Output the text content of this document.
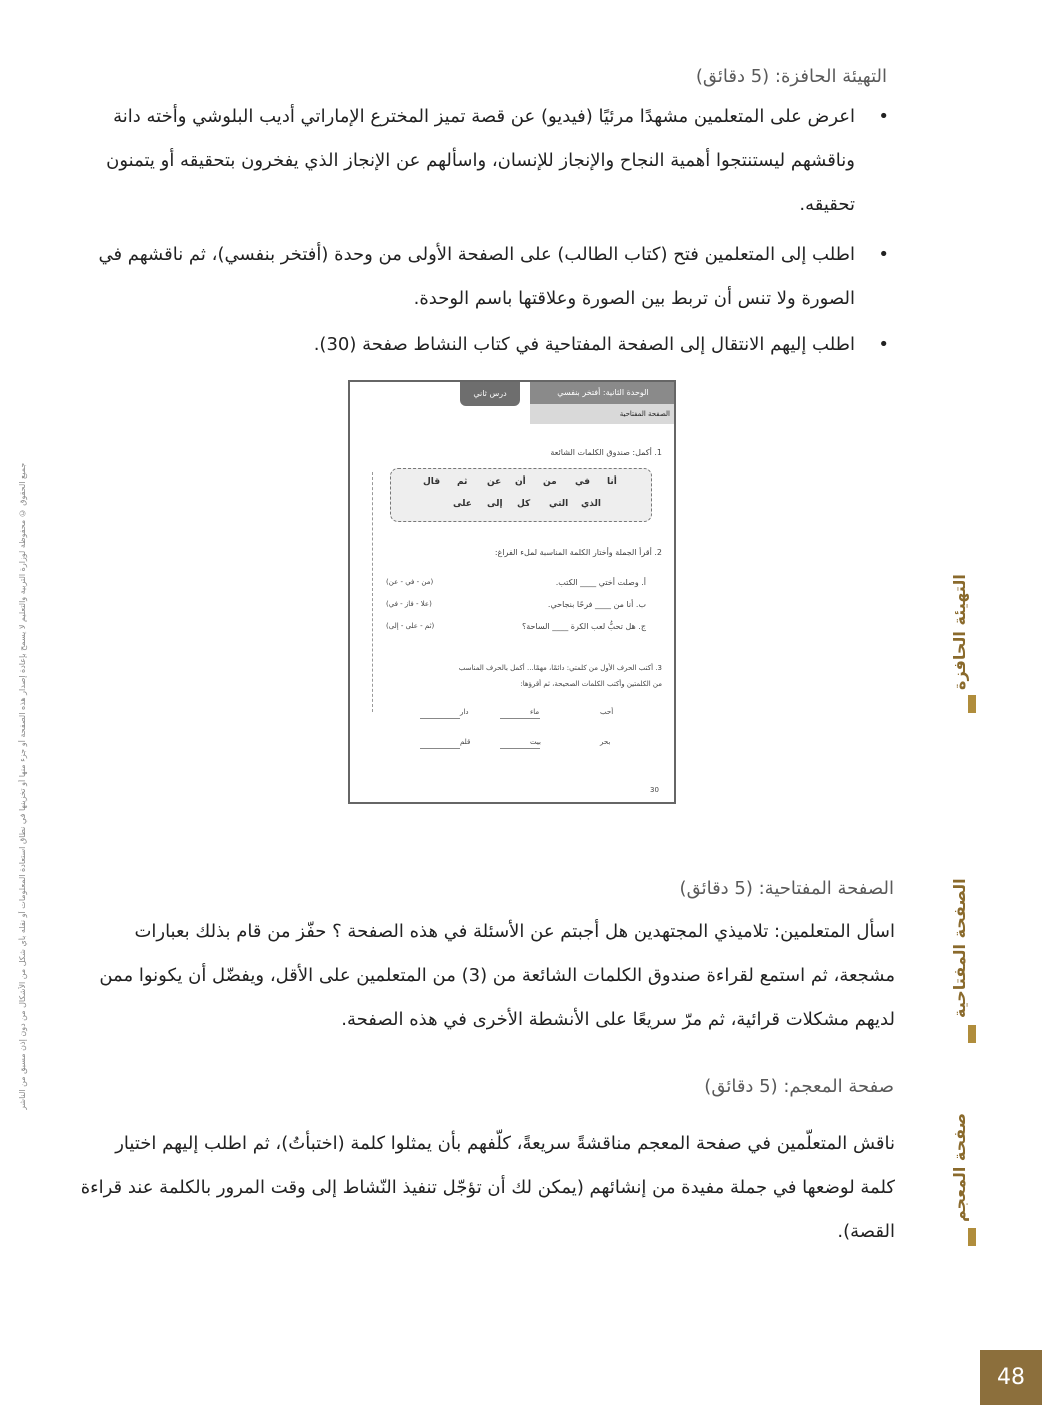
التهيئة الحافزة: (5 دقائق)
•
اعرض على المتعلمين مشهدًا مرئيًا (فيديو) عن قصة تميز المخترع الإماراتي أديب البلوشي وأخته دانة وناقشهم ليستنتجوا أهمية النجاح والإنجاز للإنسان، واسألهم عن الإنجاز الذي يفخرون بتحقيقه أو يتمنون تحقيقه.
•
اطلب إلى المتعلمين فتح (كتاب الطالب) على الصفحة الأولى من وحدة (أفتخر بنفسي)، ثم ناقشهم في الصورة ولا تنس أن تربط بين الصورة وعلاقتها باسم الوحدة.
•
اطلب إليهم الانتقال إلى الصفحة المفتاحية في كتاب النشاط صفحة (30).
درس ثاني	الوحدة الثانية: أفتخر بنفسي
الصفحة المفتاحية
1. أكمل: صندوق الكلمات الشائعة
أنا
في
من
أن
عن
ثم
قال
الذي
التي
كل
إلى
على
2. أقرأ الجملة وأختار الكلمة المناسبة لملء الفراغ:
أ. وصلت أختي ____ الكتب.
ب. أنا من ____ فرحًا بنجاحي.
ج. هل تحبُّ لعب الكرة ____ الساحة؟
(من - في - عن)
(علا - فاز - في)
(ثم - على - إلى)
3. أكتب الحرف الأول من كلمتي: دائمًا، مهمًا... أكمل بالحرف المناسب
من الكلمتين وأكتب الكلمات الصحيحة، ثم أقرؤها:
أحب
ماء
دار
بحر
بيت
قلم
30
الصفحة المفتاحية: (5 دقائق)
اسأل المتعلمين: تلاميذي المجتهدين هل أجبتم عن الأسئلة في هذه الصفحة ؟ حفّز من قام بذلك بعبارات مشجعة، ثم استمع لقراءة صندوق الكلمات الشائعة من (3) من المتعلمين على الأقل، ويفضّل أن يكونوا ممن لديهم مشكلات قرائية، ثم مرّ سريعًا على الأنشطة الأخرى في هذه الصفحة.
صفحة المعجم: (5 دقائق)
ناقش المتعلّمين في صفحة المعجم مناقشةً سريعةً، كلّفهم بأن يمثلوا كلمة (اختبأتُ)، ثم اطلب إليهم اختيار كلمة لوضعها في جملة مفيدة من إنشائهم (يمكن لك أن تؤجّل تنفيذ النّشاط إلى وقت المرور بالكلمة عند قراءة القصة).
التهيئة الحافزة
الصفحة المفتاحية
صفحة المعجم
جميع الحقوق © محفوظة لوزارة التربية والتعليم لا يسمح بإعادة إصدار هذه الصفحة أو جزء منها أو تخزينها في نطاق استعادة المعلومات أو نقله بأي شكل من الأشكال من دون إذن مسبق من الناشر
48
